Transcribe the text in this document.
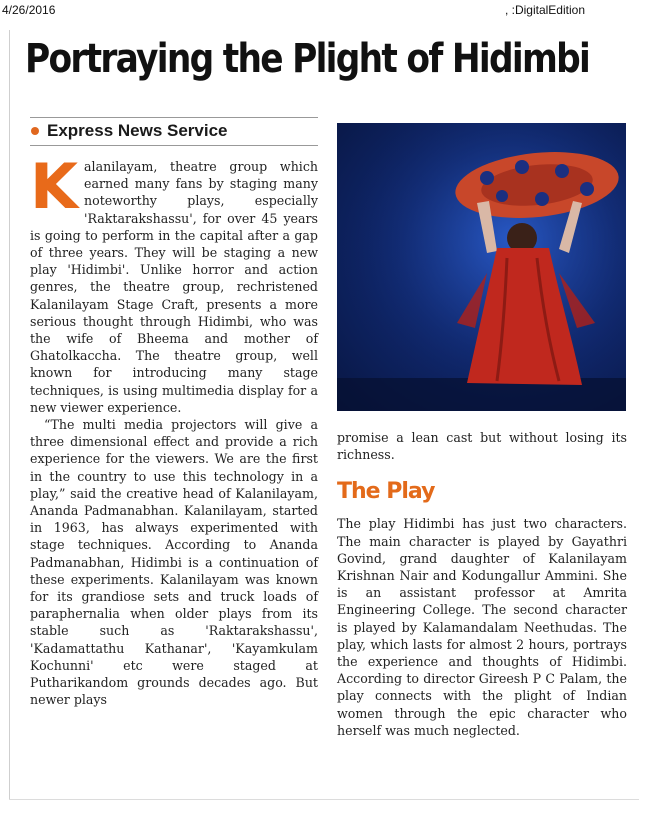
4/26/2016	, :DigitalEdition
Portraying the Plight of Hidimbi
Express News Service

Kalanilayam, theatre group which earned many fans by staging many noteworthy plays, especially 'Raktarakshassu', for over 45 years is going to perform in the capital after a gap of three years. They will be staging a new play 'Hidimbi'. Unlike horror and action genres, the theatre group, rechristened Kalanilayam Stage Craft, presents a more serious thought through Hidimbi, who was the wife of Bheema and mother of Ghatolkaccha. The theatre group, well known for introducing many stage techniques, is using multimedia display for a new viewer experience.

“The multi media projectors will give a three dimensional effect and provide a rich experience for the viewers. We are the first in the country to use this technology in a play,” said the creative head of Kalanilayam, Ananda Padmanabhan. Kalanilayam, started in 1963, has always experimented with stage techniques. According to Ananda Padmanabhan, Hidimbi is a continuation of these experiments. Kalanilayam was known for its grandiose sets and truck loads of paraphernalia when older plays from its stable such as 'Raktarakshassu', 'Kadamattathu Kathanar', 'Kayamkulam Kochunni' etc were staged at Putharikandom grounds decades ago. But newer plays

promise a lean cast but without losing its richness.

The Play

The play Hidimbi has just two characters. The main character is played by Gayathri Govind, grand daughter of Kalanilayam Krishnan Nair and Kodungallur Ammini. She is an assistant professor at Amrita Engineering College. The second character is played by Kalamandalam Neethudas. The play, which lasts for almost 2 hours, portrays the experience and thoughts of Hidimbi. According to director Gireesh P C Palam, the play connects with the plight of Indian women through the epic character who herself was much neglected.
